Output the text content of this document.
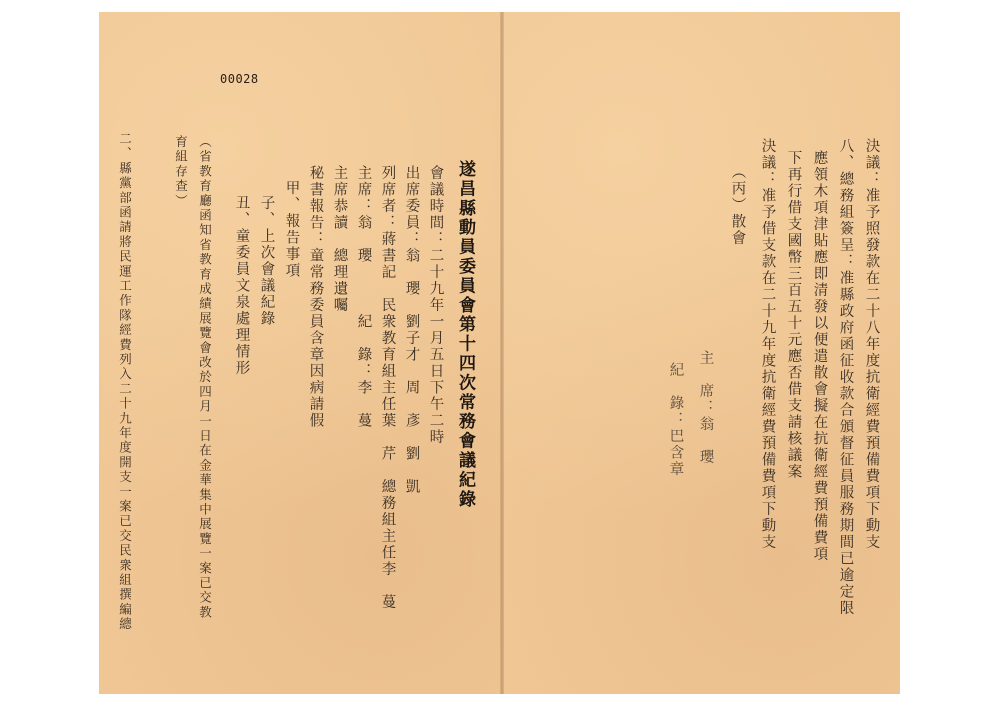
00028
遂昌縣動員委員會第十四次常務會議紀錄
會議時間：二十九年一月五日下午二時
出席委員：翁　瓔　劉子才　周　彥　劉　凱
列席者：蔣書記　民衆教育組主任葉　芹　總務組主任李　蔓
主席：翁　瓔　　　紀　錄：李　蔓
主席恭讀　總理遺囑
秘書報告：童常務委員含章因病請假
甲、報告事項
子、上次會議紀錄
丑、童委員文泉處理情形
（省教育廳函知省教育成績展覽會改於四月一日在金華集中展覽一案已交教
育組存查）
二、縣黨部函請將民運工作隊經費列入二十九年度開支一案已交民衆組撰編總	決議：准予照發款在二十八年度抗衛經費預備費項下動支
八、總務組簽呈：准縣政府函征收款合頒督征員服務期間已逾定限
應領木項津貼應即清發以便遣散會擬在抗衛經費預備費項
下再行借支國幣三百五十元應否借支請核議案
決議：准予借支款在二十九年度抗衛經費預備費項下動支
（丙）散會
主　席：翁　瓔
紀　錄：巴含章
